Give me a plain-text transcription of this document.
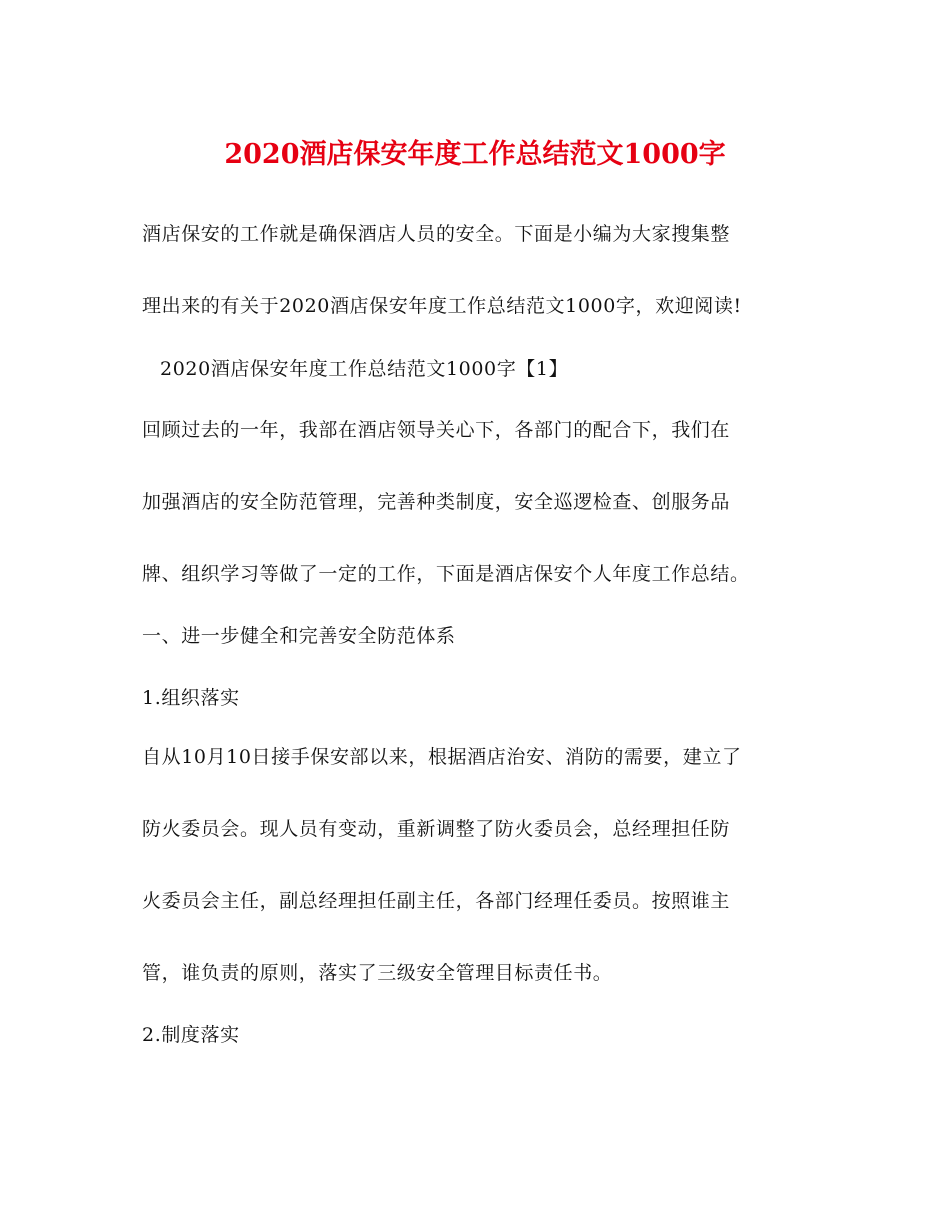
2020酒店保安年度工作总结范文1000字
酒店保安的工作就是确保酒店人员的安全。下面是小编为大家搜集整
理出来的有关于2020酒店保安年度工作总结范文1000字，欢迎阅读!
2020酒店保安年度工作总结范文1000字【1】
回顾过去的一年，我部在酒店领导关心下，各部门的配合下，我们在
加强酒店的安全防范管理，完善种类制度，安全巡逻检查、创服务品
牌、组织学习等做了一定的工作，下面是酒店保安个人年度工作总结。
一、进一步健全和完善安全防范体系
1.组织落实
自从10月10日接手保安部以来，根据酒店治安、消防的需要，建立了
防火委员会。现人员有变动，重新调整了防火委员会，总经理担任防
火委员会主任，副总经理担任副主任，各部门经理任委员。按照谁主
管，谁负责的原则，落实了三级安全管理目标责任书。
2.制度落实
